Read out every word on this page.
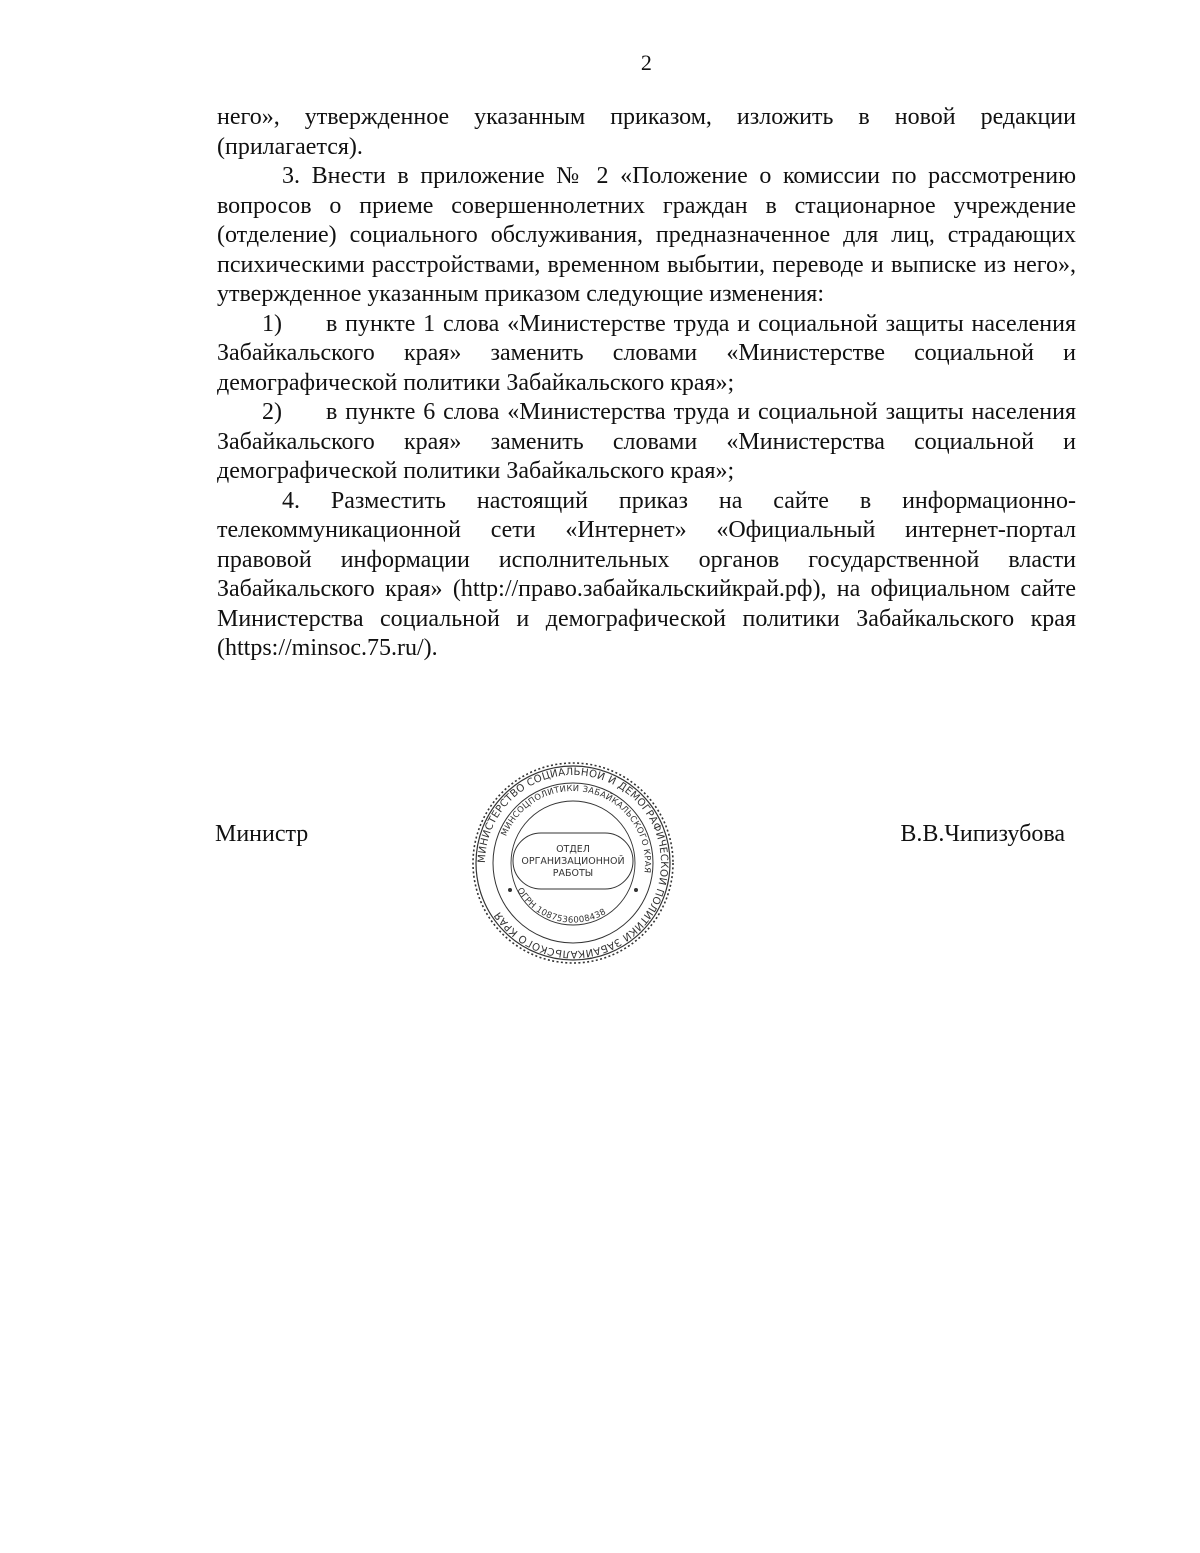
2

него», утвержденное указанным приказом, изложить в новой редакции (прилагается).

3. Внести в приложение № 2 «Положение о комиссии по рассмотрению вопросов о приеме совершеннолетних граждан в стационарное учреждение (отделение) социального обслуживания, предназначенное для лиц, страдающих психическими расстройствами, временном выбытии, переводе и выписке из него», утвержденное указанным приказом следующие изменения:

1) в пункте 1 слова «Министерстве труда и социальной защиты населения Забайкальского края» заменить словами «Министерстве социальной и демографической политики Забайкальского края»;
2) в пункте 6 слова «Министерства труда и социальной защиты населения Забайкальского края» заменить словами «Министерства социальной и демографической политики Забайкальского края»;

4. Разместить настоящий приказ на сайте в информационно-телекоммуникационной сети «Интернет» «Официальный интернет-портал правовой информации исполнительных органов государственной власти Забайкальского края» (http://право.забайкальскийкрай.рф), на официальном сайте Министерства социальной и демографической политики Забайкальского края (https://minsoc.75.ru/).

Министр	В.В.Чипизубова
МИНИСТЕРСТВО СОЦИАЛЬНОЙ И ДЕМОГРАФИЧЕСКОЙ ПОЛИТИКИ ЗАБАЙКАЛЬСКОГО КРАЯ
МИНСОЦПОЛИТИКИ ЗАБАЙКАЛЬСКОГО КРАЯ
ОГРН 1087536008438
ОТДЕЛ
ОРГАНИЗАЦИОННОЙ
РАБОТЫ
